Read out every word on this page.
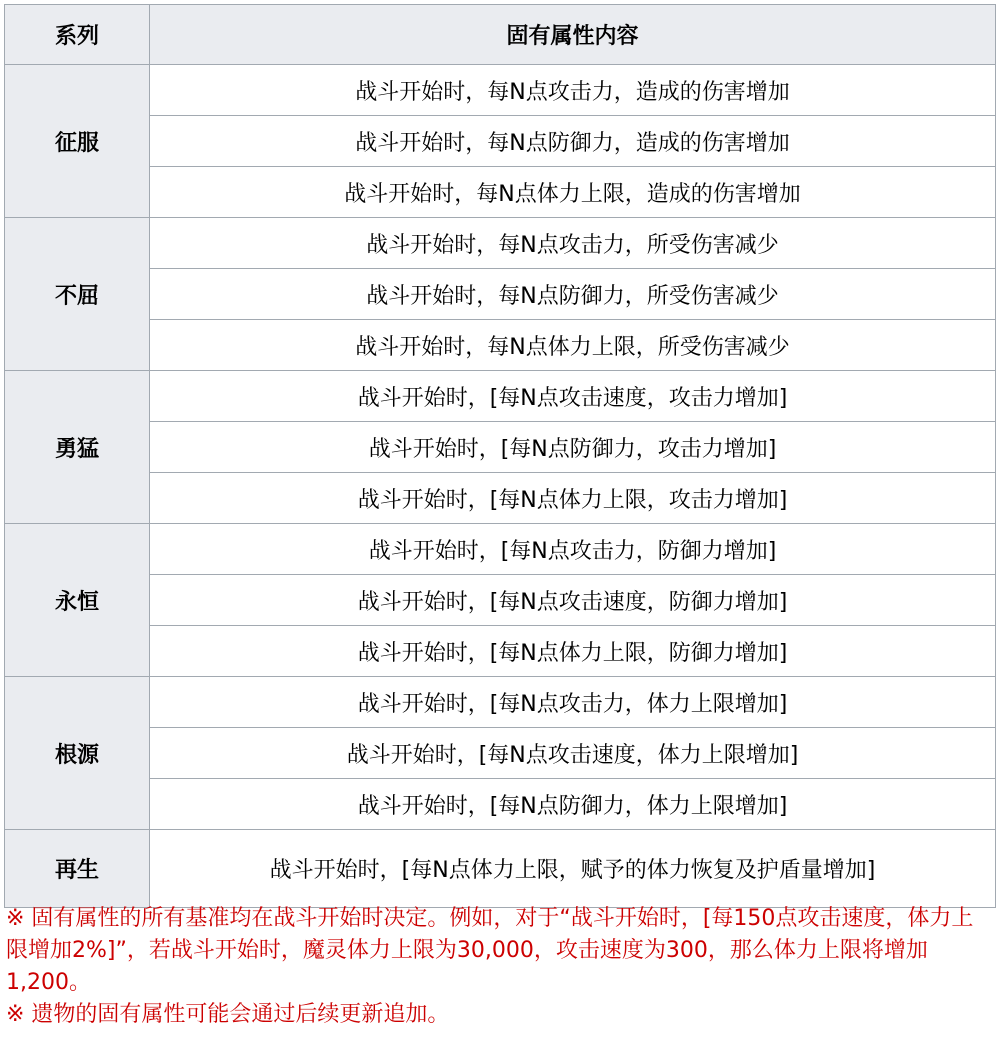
系列	固有属性内容
征服	战斗开始时，每N点攻击力，造成的伤害增加
	战斗开始时，每N点防御力，造成的伤害增加
	战斗开始时，每N点体力上限，造成的伤害增加
不屈	战斗开始时，每N点攻击力，所受伤害减少
	战斗开始时，每N点防御力，所受伤害减少
	战斗开始时，每N点体力上限，所受伤害减少
勇猛	战斗开始时，[每N点攻击速度，攻击力增加]
	战斗开始时，[每N点防御力，攻击力增加]
	战斗开始时，[每N点体力上限，攻击力增加]
永恒	战斗开始时，[每N点攻击力，防御力增加]
	战斗开始时，[每N点攻击速度，防御力增加]
	战斗开始时，[每N点体力上限，防御力增加]
根源	战斗开始时，[每N点攻击力，体力上限增加]
	战斗开始时，[每N点攻击速度，体力上限增加]
	战斗开始时，[每N点防御力，体力上限增加]
再生	战斗开始时，[每N点体力上限，赋予的体力恢复及护盾量增加]

※ 固有属性的所有基准均在战斗开始时决定。例如，对于“战斗开始时，[每150点攻击速度，体力上限增加2%]”，若战斗开始时，魔灵体力上限为30,000，攻击速度为300，那么体力上限将增加1,200。

※ 遗物的固有属性可能会通过后续更新追加。
